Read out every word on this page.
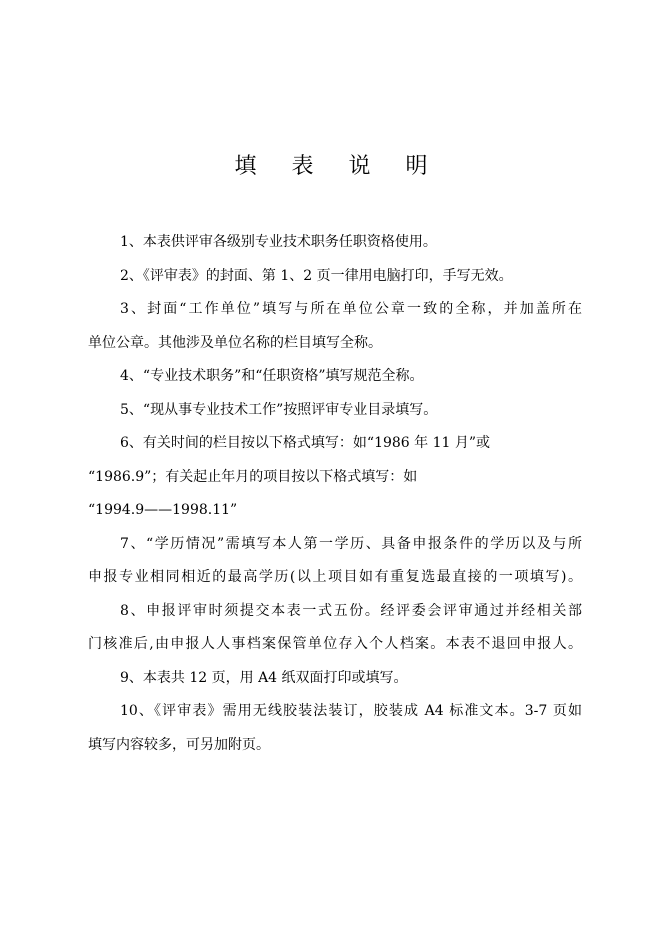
填 表 说 明

1、本表供评审各级别专业技术职务任职资格使用。

2、《评审表》的封面、第 1、2 页一律用电脑打印，手写无效。

3、封面“工作单位”填写与所在单位公章一致的全称，并加盖所在
单位公章。其他涉及单位名称的栏目填写全称。

4、“专业技术职务”和“任职资格”填写规范全称。

5、“现从事专业技术工作”按照评审专业目录填写。

6、有关时间的栏目按以下格式填写：如“1986 年 11 月”或
“1986.9”；有关起止年月的项目按以下格式填写：如
“1994.9——1998.11”

7、“学历情况”需填写本人第一学历、具备申报条件的学历以及与所
申报专业相同相近的最高学历(以上项目如有重复选最直接的一项填写)。

8、申报评审时须提交本表一式五份。经评委会评审通过并经相关部
门核准后,由申报人人事档案保管单位存入个人档案。本表不退回申报人。

9、本表共 12 页，用 A4 纸双面打印或填写。

10、《评审表》需用无线胶装法装订，胶装成 A4 标准文本。3-7 页如
填写内容较多，可另加附页。
